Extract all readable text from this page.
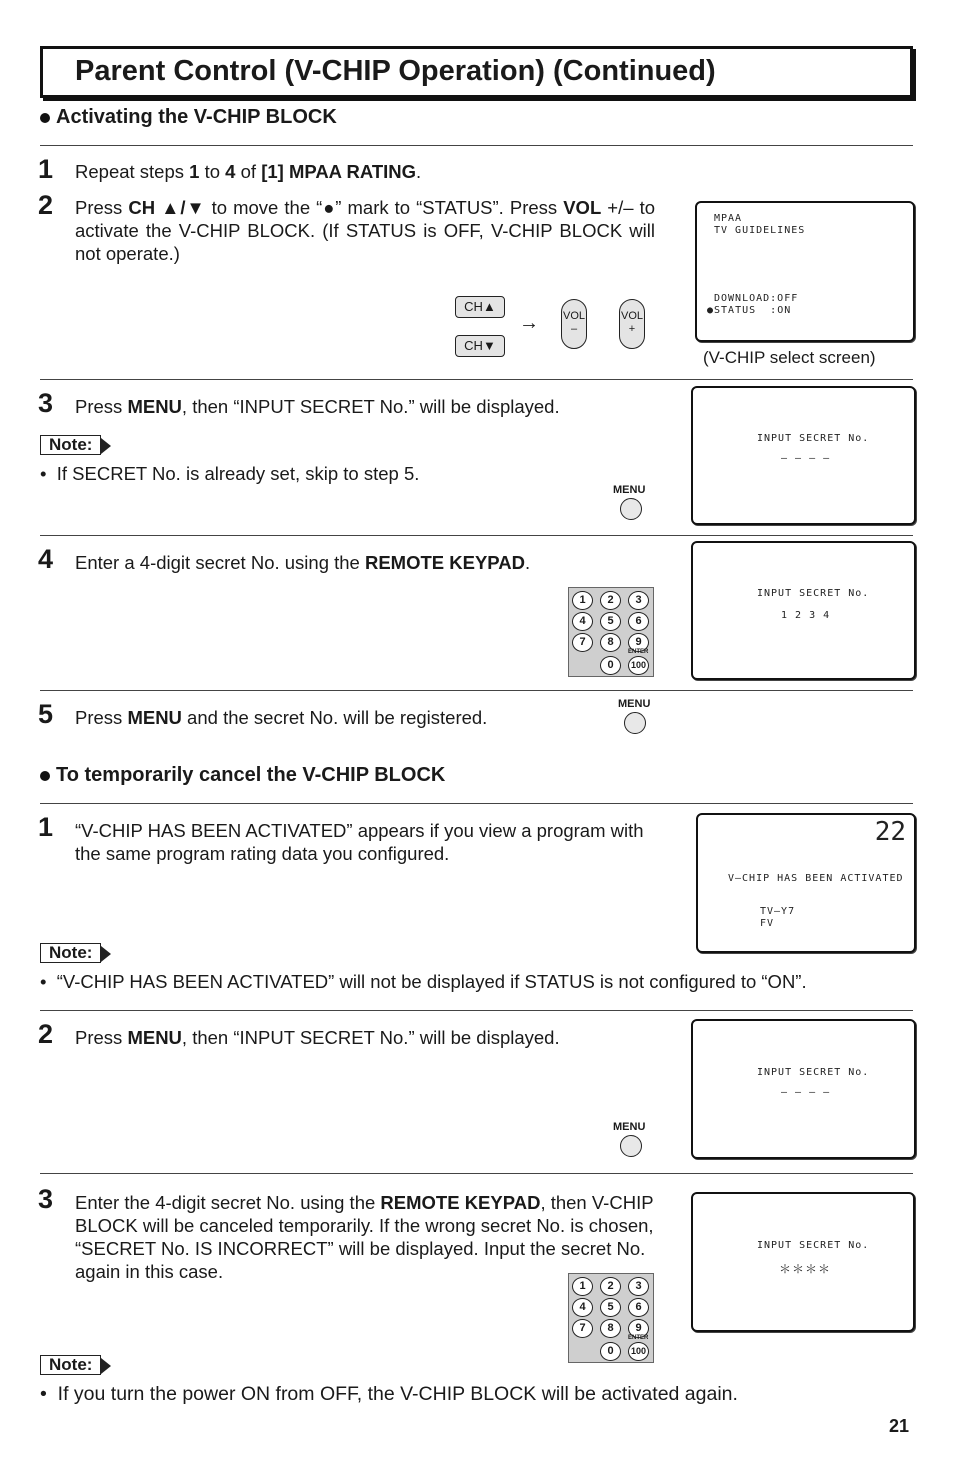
Parent Control (V-CHIP Operation) (Continued)
Activating the V-CHIP BLOCK
1 Repeat steps 1 to 4 of [1] MPAA RATING.
2 Press CH ▲/▼ to move the “●” mark to “STATUS”. Press VOL +/– to activate the V-CHIP BLOCK. (If STATUS is OFF, V-CHIP BLOCK will not operate.)
CH▲
CH▼
→ VOL
–
VOL
+
MPAA
TV GUIDELINES
DOWNLOAD:OFF
●STATUS  :ON
(V-CHIP select screen)
3 Press MENU, then “INPUT SECRET No.” will be displayed.
Note:
•  If SECRET No. is already set, skip to step 5.
MENU
INPUT SECRET No.
– – – –
4 Enter a 4-digit secret No. using the REMOTE KEYPAD.
1	2	3
4	5	6
7	8	9
ENTER
0	100
INPUT SECRET No.
1 2 3 4
5 Press MENU and the secret No. will be registered.
MENU
To temporarily cancel the V-CHIP BLOCK
1 “V-CHIP HAS BEEN ACTIVATED” appears if you view a program with the same program rating data you configured.
22
V–CHIP HAS BEEN ACTIVATED
TV–Y7
FV
Note:
•  “V-CHIP HAS BEEN ACTIVATED” will not be displayed if STATUS is not configured to “ON”.
2 Press MENU, then “INPUT SECRET No.” will be displayed.
MENU
INPUT SECRET No.
– – – –
3 Enter the 4-digit secret No. using the REMOTE KEYPAD, then V-CHIP BLOCK will be canceled temporarily. If the wrong secret No. is chosen, “SECRET No. IS INCORRECT” will be displayed. Input the secret No. again in this case.
1	2	3
4	5	6
7	8	9
ENTER
0	100
INPUT SECRET No.
＊＊＊＊
Note:
•  If you turn the power ON from OFF, the V-CHIP BLOCK will be activated again.
21
